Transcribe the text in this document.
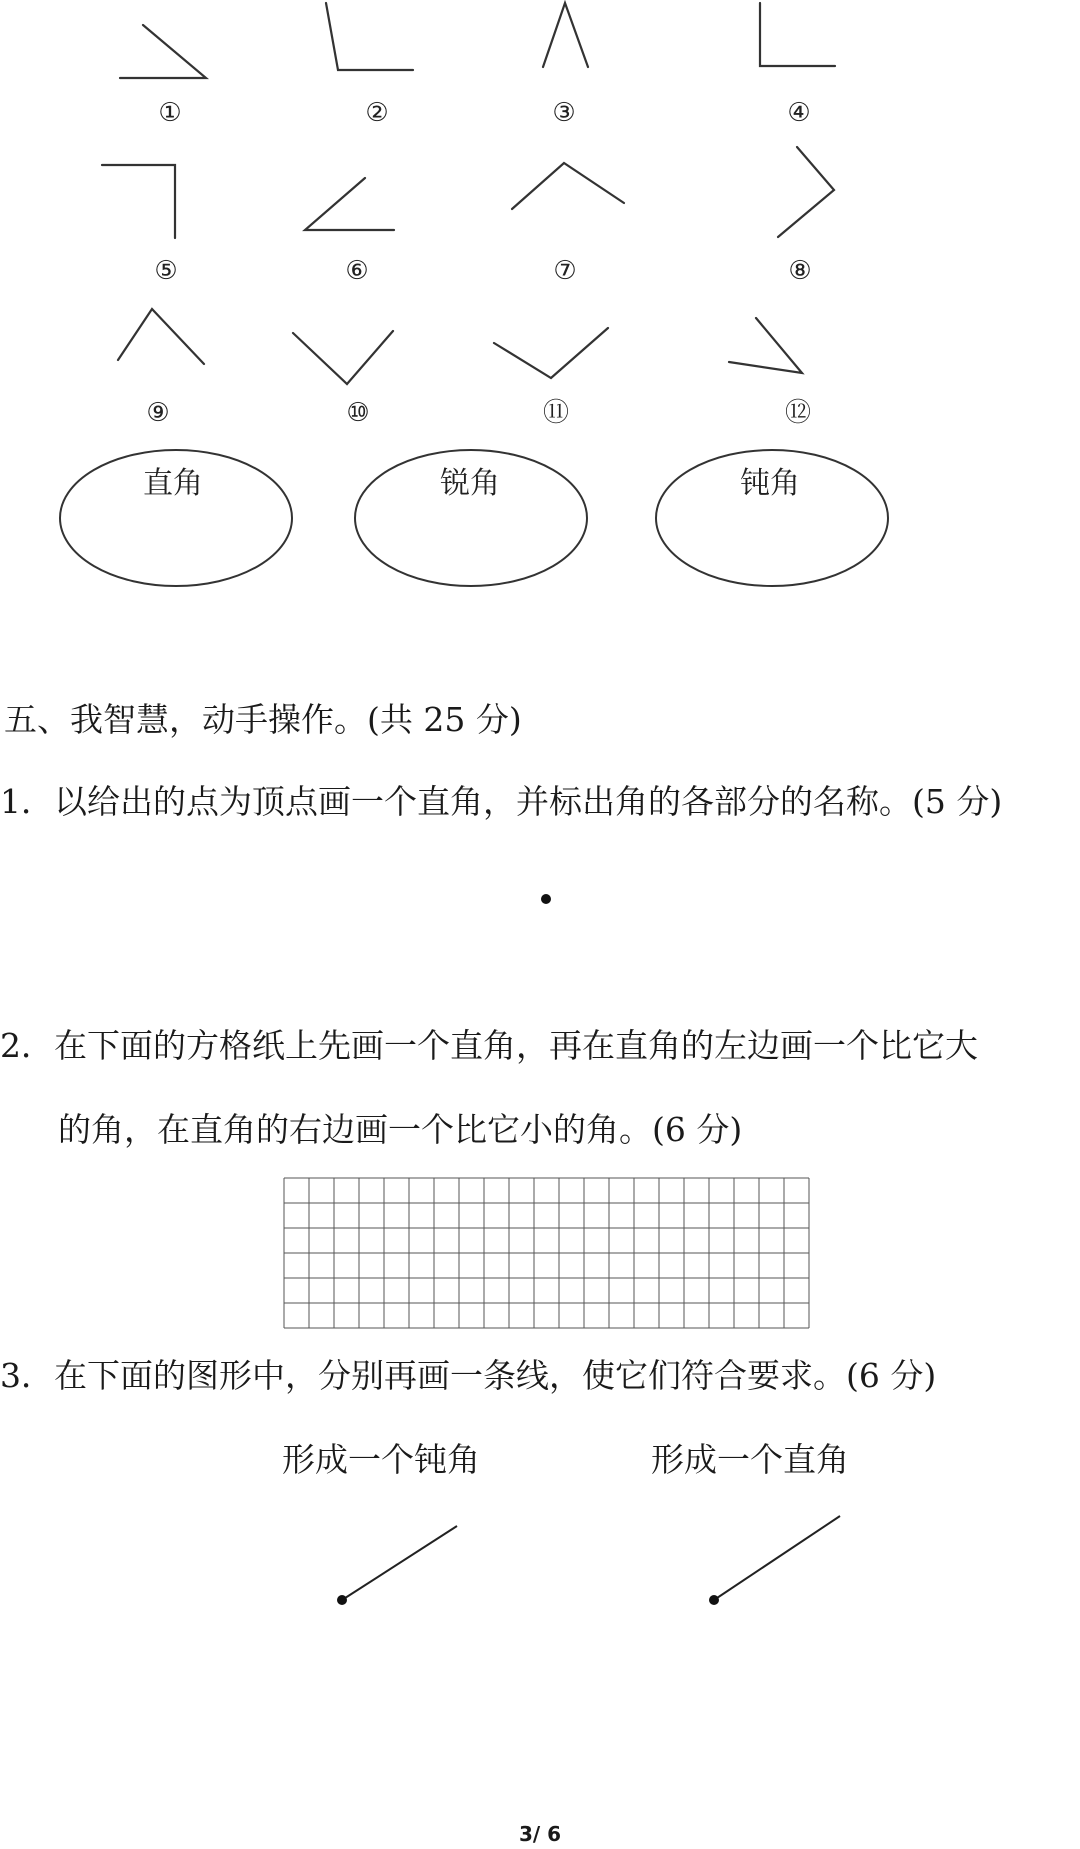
①	②	③	④
⑤	⑥	⑦	⑧
⑨	⑩	⑪	⑫
直角	锐角	钝角
五、我智慧，动手操作。(共 25 分)
1．以给出的点为顶点画一个直角，并标出角的各部分的名称。(5 分)
2．在下面的方格纸上先画一个直角，再在直角的左边画一个比它大
的角，在直角的右边画一个比它小的角。(6 分)
3．在下面的图形中，分别再画一条线，使它们符合要求。(6 分)
形成一个钝角	形成一个直角
3/ 6
